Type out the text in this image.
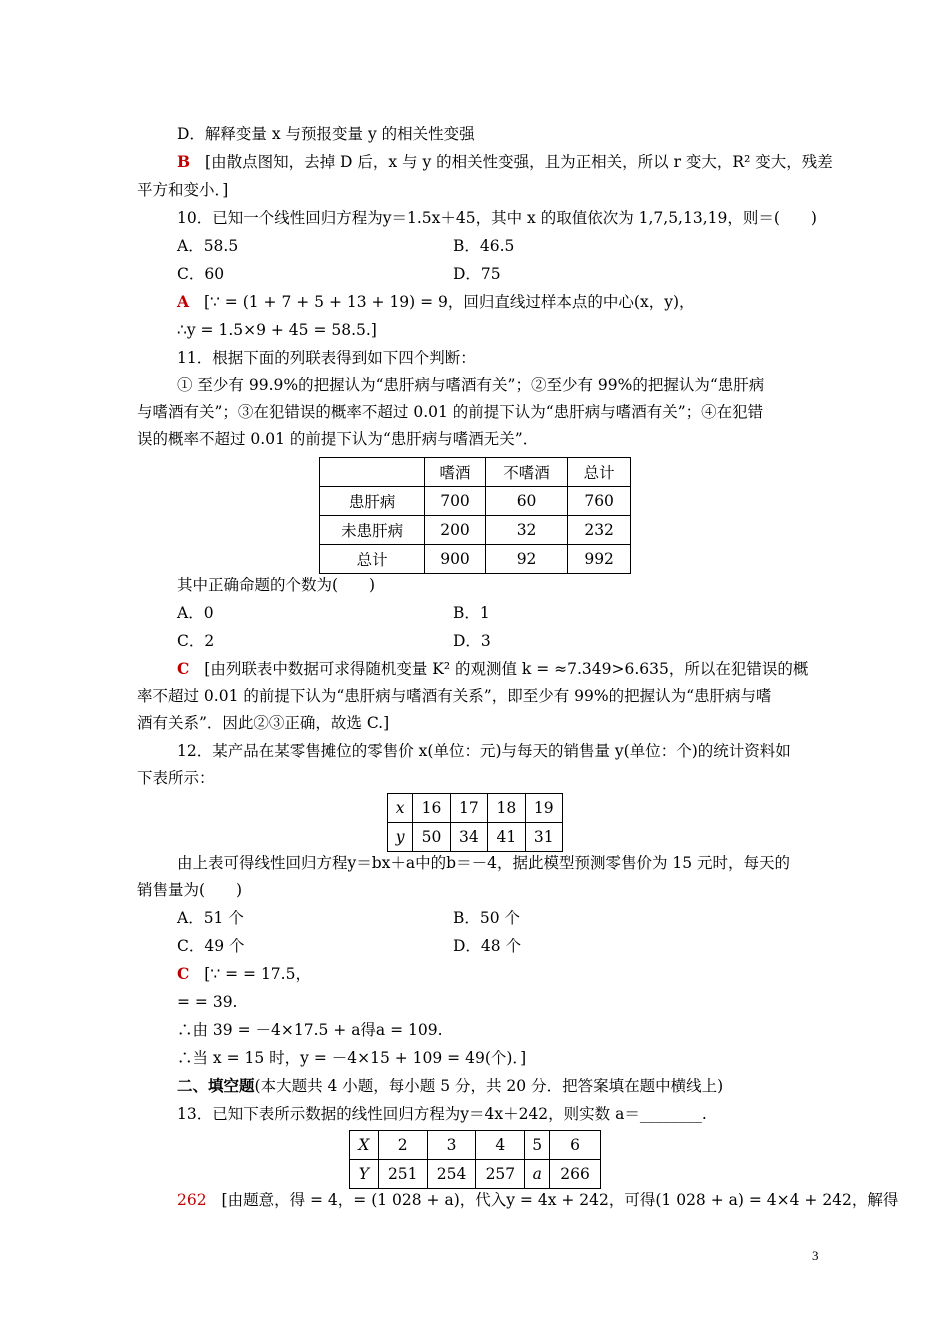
D．解释变量 x 与预报变量 y 的相关性变强
B [由散点图知，去掉 D 后，x 与 y 的相关性变强，且为正相关，所以 r 变大，R² 变大，残差
平方和变小．]
10．已知一个线性回归方程为y＝1.5x＋45，其中 x 的取值依次为 1,7,5,13,19，则＝(　　)
A．58.5	B．46.5
C．60	D．75
A [∵ = (1 + 7 + 5 + 13 + 19) = 9，回归直线过样本点的中心(x，y)，
∴y = 1.5×9 + 45 = 58.5.]
11．根据下面的列联表得到如下四个判断：
① 至少有 99.9%的把握认为“患肝病与嗜酒有关”；②至少有 99%的把握认为“患肝病
与嗜酒有关”；③在犯错误的概率不超过 0.01 的前提下认为“患肝病与嗜酒有关”；④在犯错
误的概率不超过 0.01 的前提下认为“患肝病与嗜酒无关”．
	嗜酒	不嗜酒	总计
患肝病	700	60	760
未患肝病	200	32	232
总计	900	92	992
其中正确命题的个数为(　　)
A．0	B．1
C．2	D．3
C [由列联表中数据可求得随机变量 K² 的观测值 k = ≈7.349>6.635，所以在犯错误的概
率不超过 0.01 的前提下认为“患肝病与嗜酒有关系”，即至少有 99%的把握认为“患肝病与嗜
酒有关系”．因此②③正确，故选 C.]
12．某产品在某零售摊位的零售价 x(单位：元)与每天的销售量 y(单位：个)的统计资料如
下表所示：
x	16	17	18	19
y	50	34	41	31
由上表可得线性回归方程y＝bx＋a中的b＝－4，据此模型预测零售价为 15 元时，每天的
销售量为(　　)
A．51 个	B．50 个
C．49 个	D．48 个
C [∵ = = 17.5，
= = 39.
∴由 39 = －4×17.5 + a得a = 109.
∴当 x = 15 时，y = －4×15 + 109 = 49(个)．]
二、填空题(本大题共 4 小题，每小题 5 分，共 20 分．把答案填在题中横线上)
13．已知下表所示数据的线性回归方程为y＝4x＋242，则实数 a＝________.
X	2	3	4	5	6
Y	251	254	257	a	266
262 [由题意，得 = 4，= (1 028 + a)，代入y = 4x + 242，可得(1 028 + a) = 4×4 + 242，解得
3
